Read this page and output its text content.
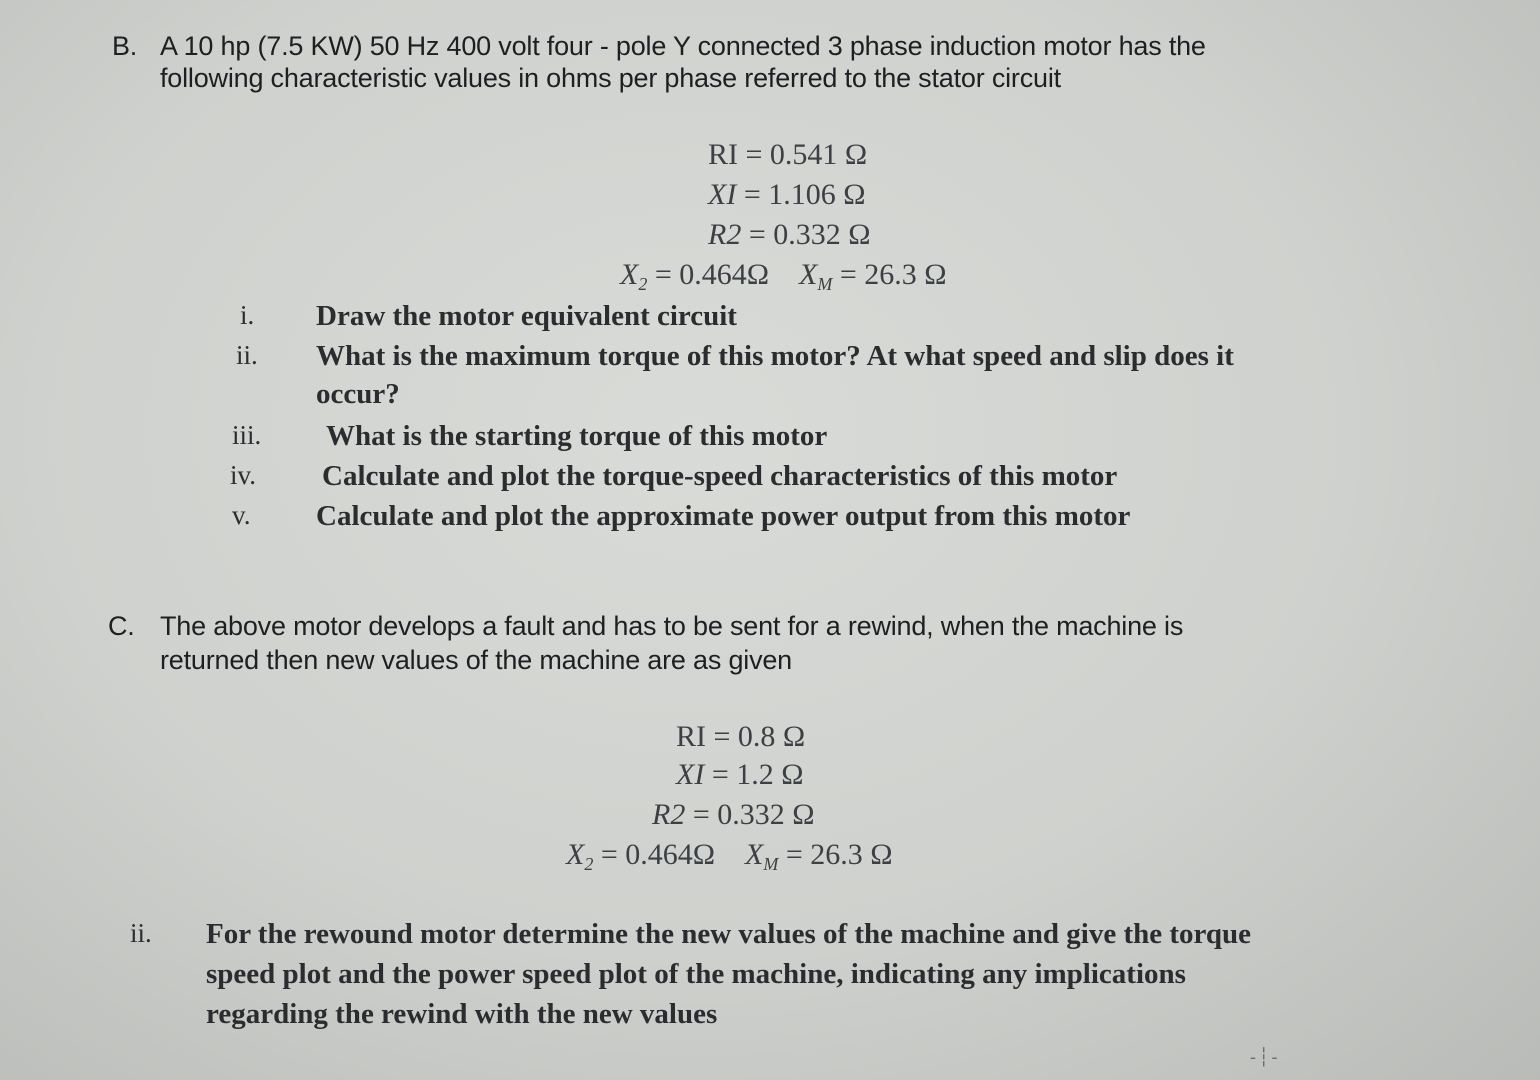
B. A 10 hp (7.5 KW) 50 Hz 400 volt four - pole Y connected 3 phase induction motor has the
following characteristic values in ohms per phase referred to the stator circuit
RI = 0.541 Ω
XI = 1.106 Ω
R2 = 0.332 Ω
$X_2 = 0.464\Omega$ $X_M = 26.3$ Ω
i. Draw the motor equivalent circuit
ii. What is the maximum torque of this motor? At what speed and slip does it
occur?
iii. What is the starting torque of this motor
iv. Calculate and plot the torque-speed characteristics of this motor
v. Calculate and plot the approximate power output from this motor
C. The above motor develops a fault and has to be sent for a rewind, when the machine is
returned then new values of the machine are as given
RI = 0.8 Ω
XI = 1.2 Ω
R2 = 0.332 Ω
$X_2 = 0.464\Omega$ $X_M = 26.3$ Ω
ii. For the rewound motor determine the new values of the machine and give the torque
speed plot and the power speed plot of the machine, indicating any implications
regarding the rewind with the new values
-┆-
